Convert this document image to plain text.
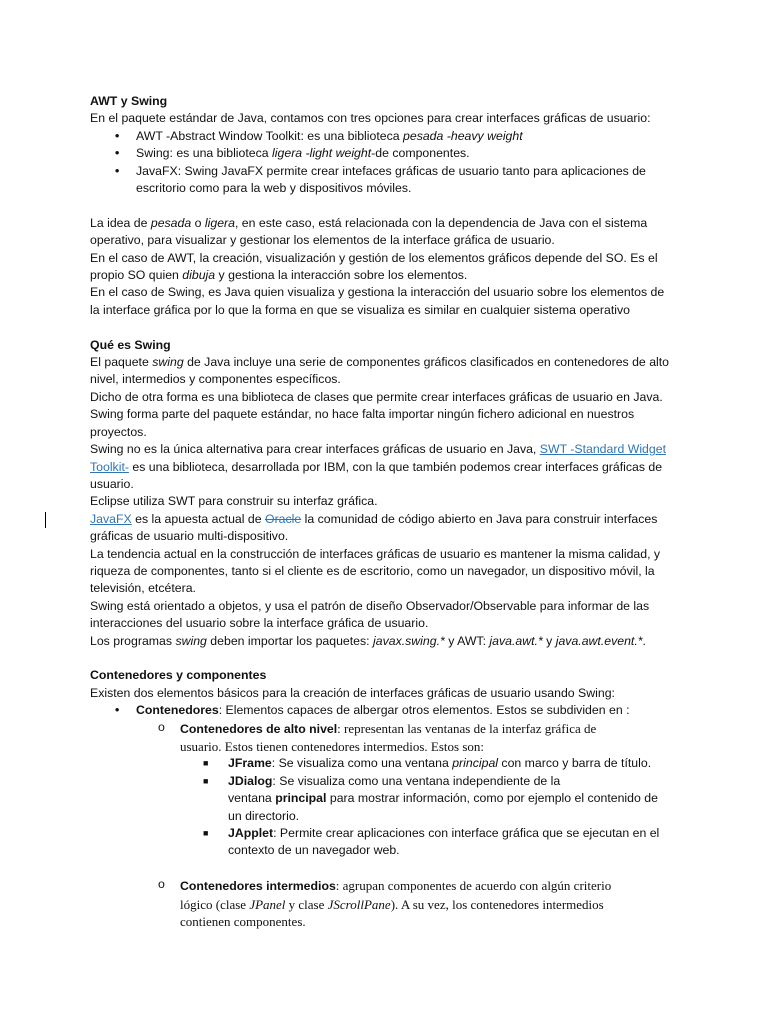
AWT y Swing
En el paquete estándar de Java, contamos con tres opciones para crear interfaces gráficas de usuario:
• AWT -Abstract Window Toolkit: es una biblioteca pesada -heavy weight
• Swing: es una biblioteca ligera -light weight-de componentes.
• JavaFX: Swing JavaFX permite crear intefaces gráficas de usuario tanto para aplicaciones de
escritorio como para la web y dispositivos móviles.
La idea de pesada o ligera, en este caso, está relacionada con la dependencia de Java con el sistema
operativo, para visualizar y gestionar los elementos de la interface gráfica de usuario.
En el caso de AWT, la creación, visualización y gestión de los elementos gráficos depende del SO. Es el
propio SO quien dibuja y gestiona la interacción sobre los elementos.
En el caso de Swing, es Java quien visualiza y gestiona la interacción del usuario sobre los elementos de
la interface gráfica por lo que la forma en que se visualiza es similar en cualquier sistema operativo
Qué es Swing
El paquete swing de Java incluye una serie de componentes gráficos clasificados en contenedores de alto
nivel, intermedios y componentes específicos.
Dicho de otra forma es una biblioteca de clases que permite crear interfaces gráficas de usuario en Java.
Swing forma parte del paquete estándar, no hace falta importar ningún fichero adicional en nuestros
proyectos.
Swing no es la única alternativa para crear interfaces gráficas de usuario en Java, SWT -Standard Widget
Toolkit- es una biblioteca, desarrollada por IBM, con la que también podemos crear interfaces gráficas de
usuario.
Eclipse utiliza SWT para construir su interfaz gráfica.
JavaFX es la apuesta actual de Oracle la comunidad de código abierto en Java para construir interfaces
gráficas de usuario multi-dispositivo.
La tendencia actual en la construcción de interfaces gráficas de usuario es mantener la misma calidad, y
riqueza de componentes, tanto si el cliente es de escritorio, como un navegador, un dispositivo móvil, la
televisión, etcétera.
Swing está orientado a objetos, y usa el patrón de diseño Observador/Observable para informar de las
interacciones del usuario sobre la interface gráfica de usuario.
Los programas swing deben importar los paquetes: javax.swing.* y AWT: java.awt.* y java.awt.event.*.
Contenedores y componentes
Existen dos elementos básicos para la creación de interfaces gráficas de usuario usando Swing:
• Contenedores: Elementos capaces de albergar otros elementos. Estos se subdividen en :
o Contenedores de alto nivel: representan las ventanas de la interfaz gráfica de
usuario. Estos tienen contenedores intermedios. Estos son:
■ JFrame: Se visualiza como una ventana principal con marco y barra de título.
■ JDialog: Se visualiza como una ventana independiente de la
ventana principal para mostrar información, como por ejemplo el contenido de
un directorio.
■ JApplet: Permite crear aplicaciones con interface gráfica que se ejecutan en el
contexto de un navegador web.
o Contenedores intermedios: agrupan componentes de acuerdo con algún criterio
lógico (clase JPanel y clase JScrollPane). A su vez, los contenedores intermedios
contienen componentes.
